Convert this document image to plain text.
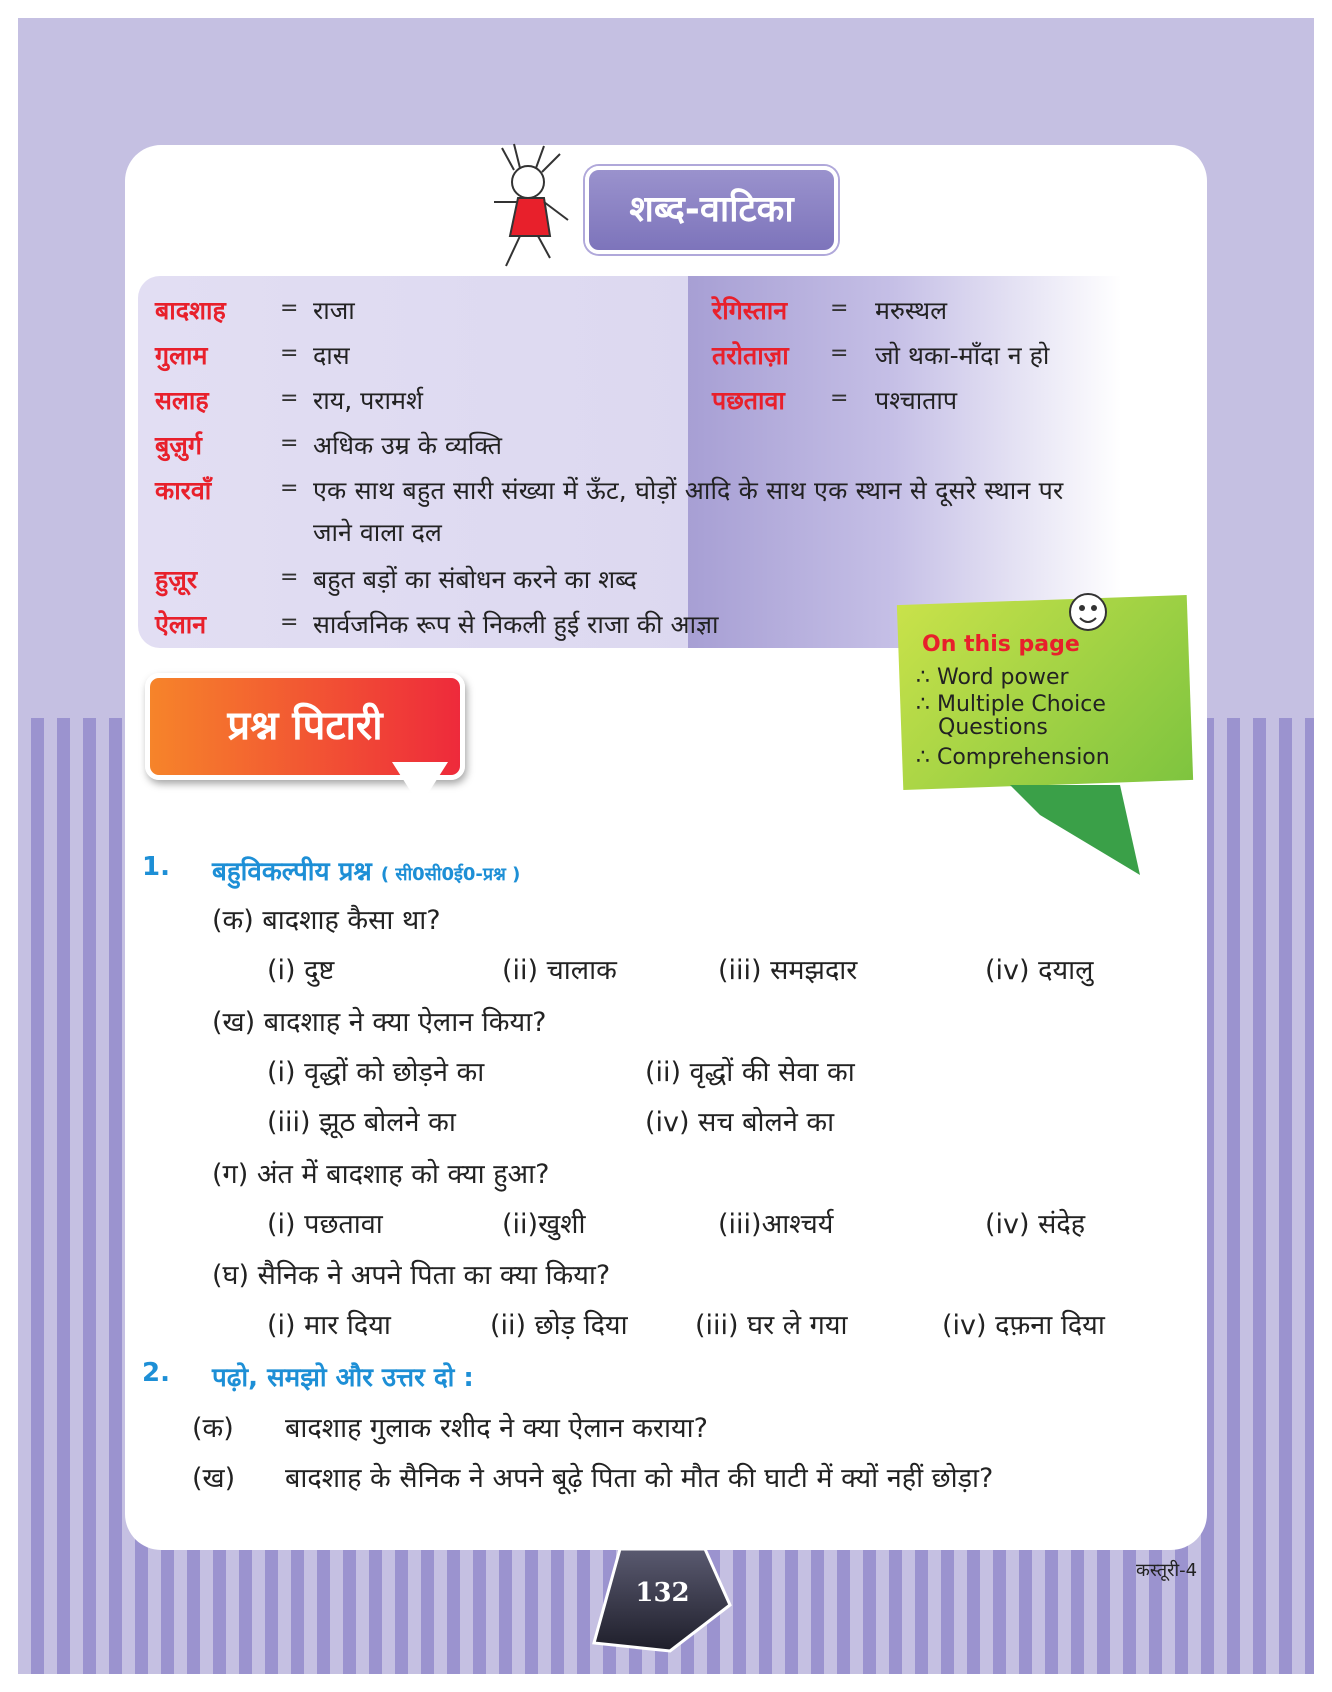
शब्द-वाटिका
बादशाह = राजा
गुलाम	= दास
सलाह	= राय, परामर्श
बुज़ुर्ग	= अधिक उम्र के व्यक्ति
कारवाँ	= एक साथ बहुत सारी संख्या में ऊँट, घोड़ों आदि के साथ एक स्थान से दूसरे स्थान पर
जाने वाला दल
हुज़ूर	= बहुत बड़ों का संबोधन करने का शब्द
ऐलान	= सार्वजनिक रूप से निकली हुई राजा की आज्ञा
रेगिस्तान = मरुस्थल
तरोताज़ा = जो थका-माँदा न हो
पछतावा = पश्चाताप
प्रश्न पिटारी
On this page
∴ Word power
∴ Multiple Choice
Questions
∴ Comprehension
1. बहुविकल्पीय प्रश्न ( सी0सी0ई0-प्रश्न )
(क) बादशाह कैसा था?
(i) दुष्ट	(ii) चालाक	(iii) समझदार	(iv) दयालु
(ख) बादशाह ने क्या ऐलान किया?
(i) वृद्धों को छोड़ने का	(ii) वृद्धों की सेवा का
(iii) झूठ बोलने का	(iv) सच बोलने का
(ग) अंत में बादशाह को क्या हुआ?
(i) पछतावा	(ii)खुशी	(iii)आश्चर्य	(iv) संदेह
(घ) सैनिक ने अपने पिता का क्या किया?
(i) मार दिया	(ii) छोड़ दिया (iii) घर ले गया	(iv) दफ़ना दिया
2. पढ़ो, समझो और उत्तर दो :
(क) बादशाह गुलाक रशीद ने क्या ऐलान कराया?
(ख) बादशाह के सैनिक ने अपने बूढ़े पिता को मौत की घाटी में क्यों नहीं छोड़ा?
132
कस्तूरी-4
